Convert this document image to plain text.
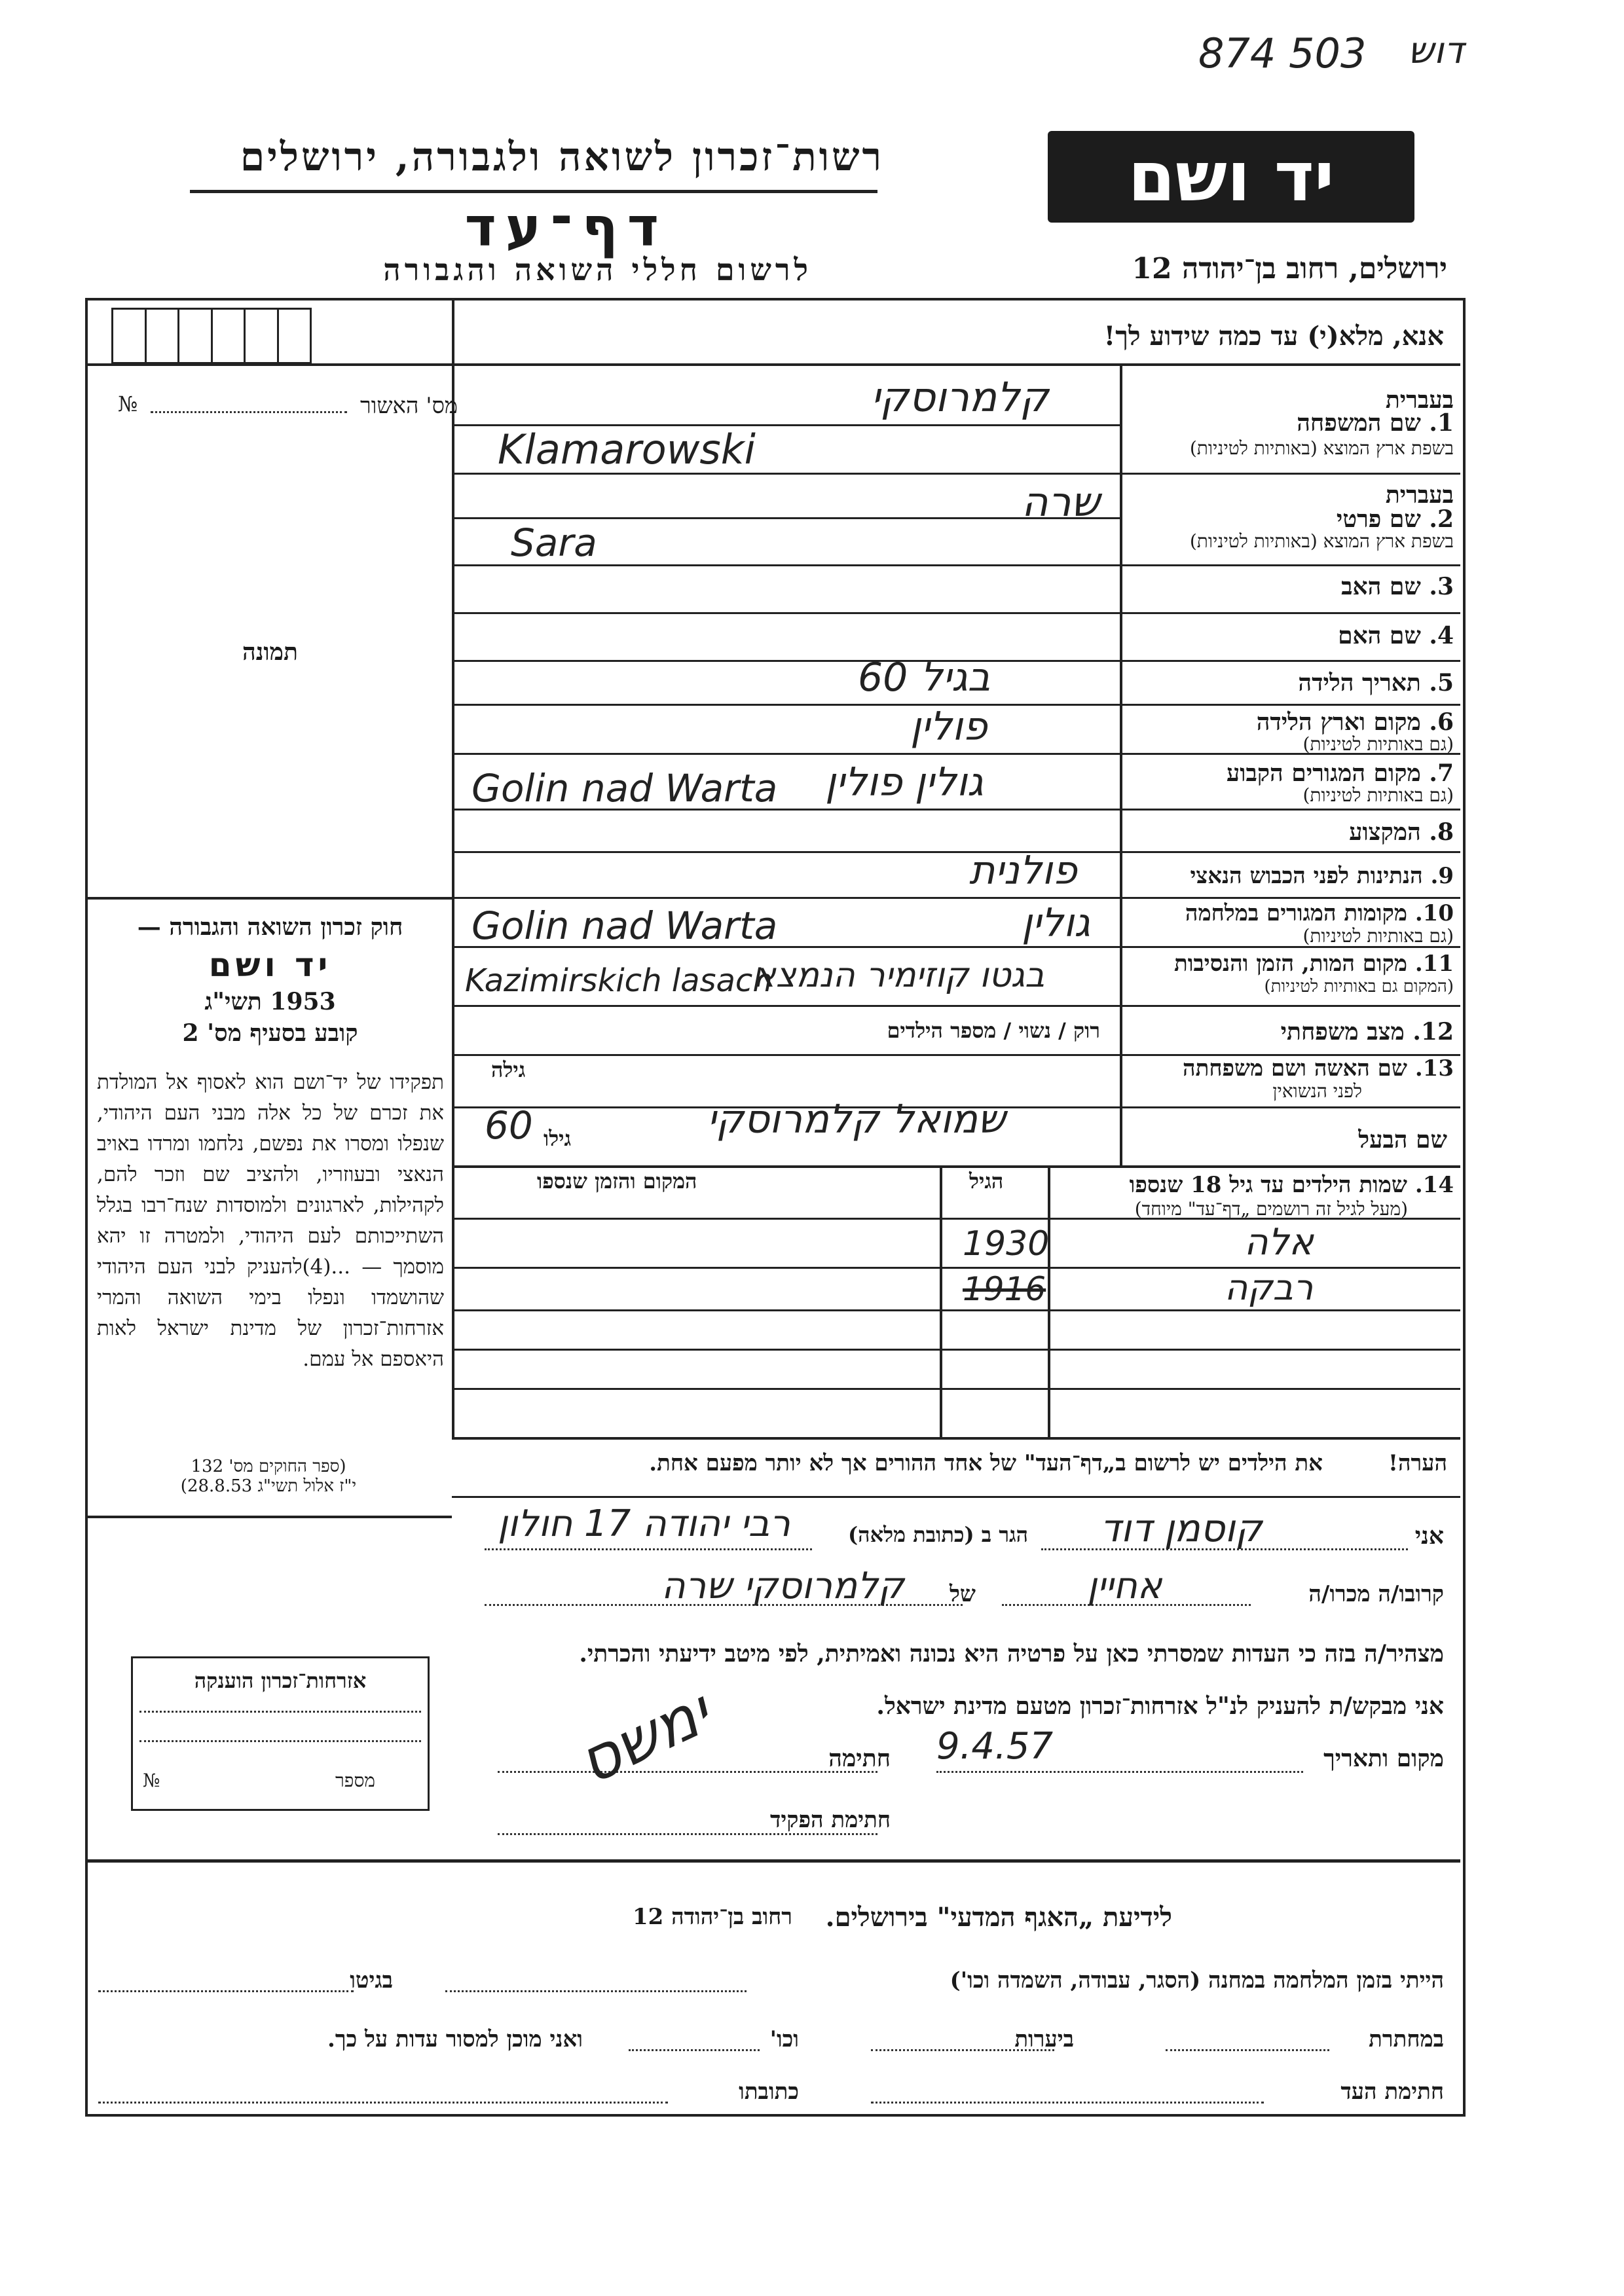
874 503 דוש
יד ושם
רשות־זכרון לשואה ולגבורה, ירושלים
דף־עד
לרשום חללי השואה והגבורה	ירושלים, רחוב בן־יהודה 12
מס' האשור
№
אנא, מלא(י) עד כמה שידוע לך!
תמונה
בעברית
1. שם המשפחה
בשפת ארץ המוצא (באותיות לטיניות)
קלמרוסקי
Klamarowski
בעברית
2. שם פרטי
בשפת ארץ המוצא (באותיות לטיניות)
שרה
Sara
3. שם האב
4. שם האם
5. תאריך הלידה
בגיל 60
6. מקום וארץ הלידה
(גם באותיות לטיניות)
פולין
7. מקום המגורים הקבוע
(גם באותיות לטיניות)
גולין פולין
Golin nad Warta
8. המקצוע
9. הנתינות לפני הכבוש הנאצי
פולנית
10. מקומות המגורים במלחמה
(גם באותיות לטיניות)
גולין
Golin nad Warta
11. מקום המות, הזמן והנסיבות
(המקום גם באותיות לטיניות)
בגטו קוזימיר הנמצא
Kazimirskich lasach
12. מצב משפחתי
רוק / נשוי / מספר הילדים
13. שם האשה ושם משפחתה
לפני הנשואין
גילה
שם הבעל
שמואל קלמרוסקי
גילו
60
14. שמות הילדים עד גיל 18 שנספו
(מעל לגיל זה רושמים „דף־עד" מיוחד)
הגיל
המקום והזמן שנספו
אלה
1930
רבקה
1916
חוק זכרון השואה והגבורה —
יד ושם
1953 תשי"ג
קובע בסעיף מס' 2
תפקידו של יד־ושם הוא לאסוף אל המולדת את זכרם של כל אלה מבני העם היהודי, שנפלו ומסרו את נפשם, נלחמו ומרדו באויב הנאצי ובעוזריו, ולהציב שם וזכר להם, לקהילות, לארגונים ולמוסדות שנח־רבו בגלל השתייכותם לעם היהודי, ולמטרה זו יהא מוסמך — ...(4)להעניק לבני העם היהודי שהושמדו ונפלו בימי השואה והמרי אזרחות־זכרון של מדינת ישראל לאות היאספם אל עמם.
(ספר החוקים מס' 132
י"ז אלול תשי"ג 28.8.53)
הערה!
את הילדים יש לרשום ב„דף־העד" של אחד ההורים אך לא יותר מפעם אחת.
אני
קוסמן דוד
הגר ב (כתובת מלאה)
רבי יהודה 17 חולון
קרובו/ה מכרו/ה
אחיין
של
קלמרוסקי שרה
מצהיר/ה בזה כי העדות שמסרתי כאן על פרטיה היא נכונה ואמיתית, לפי מיטב ידיעתי והכרתי.
אני מבקש/ת להעניק לנ"ל אזרחות־זכרון מטעם מדינת ישראל.
מקום ותאריך
9.4.57
חתימה
חתימת הפקיד
ימשס
אזרחות־זכרון הוענקה
מספר
№
לידיעת „האגף המדעי" בירושלים.
רחוב בן־יהודה 12
הייתי בזמן המלחמה במחנה (הסגר, עבודה, השמדה וכו')
בגיטו
במחתרת
ביערות
וכו'
ואני מוכן למסור עדות על כך.
חתימת העד
כתובתו
